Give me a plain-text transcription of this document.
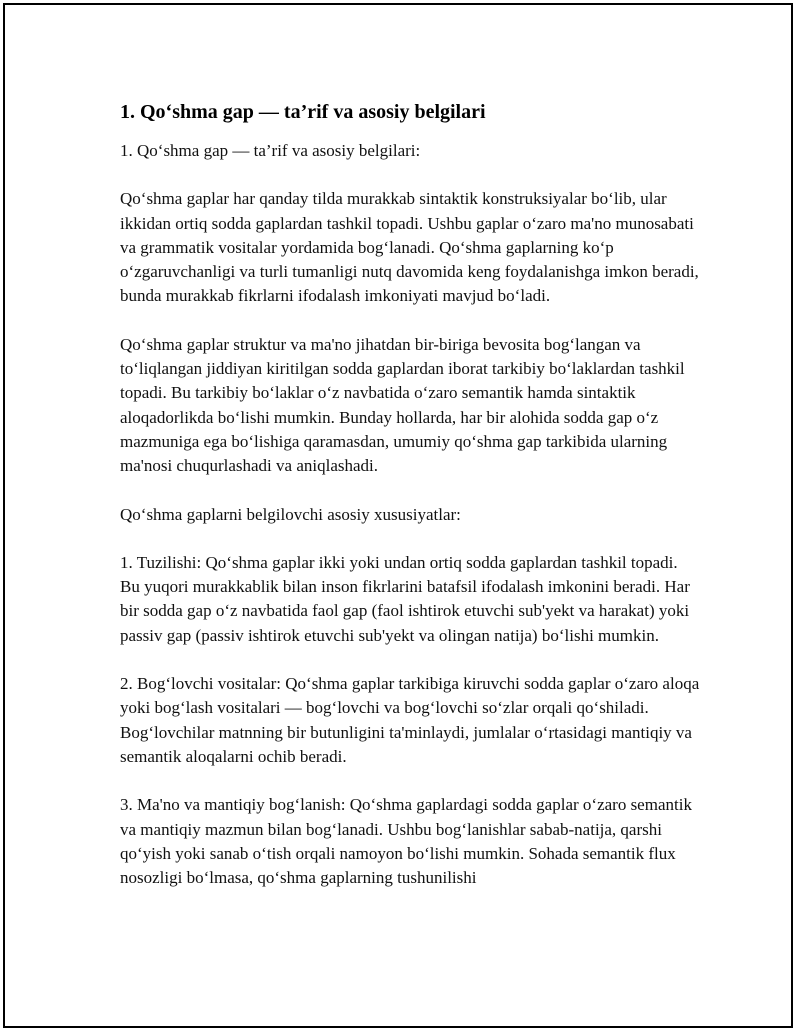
1. Qo‘shma gap — ta’rif va asosiy belgilari

1. Qo‘shma gap — ta’rif va asosiy belgilari:

Qo‘shma gaplar har qanday tilda murakkab sintaktik konstruksiyalar bo‘lib, ular ikkidan ortiq sodda gaplardan tashkil topadi. Ushbu gaplar o‘zaro ma'no munosabati va grammatik vositalar yordamida bog‘lanadi. Qo‘shma gaplarning ko‘p o‘zgaruvchanligi va turli tumanligi nutq davomida keng foydalanishga imkon beradi, bunda murakkab fikrlarni ifodalash imkoniyati mavjud bo‘ladi.

Qo‘shma gaplar struktur va ma'no jihatdan bir-biriga bevosita bog‘langan va to‘liqlangan jiddiyan kiritilgan sodda gaplardan iborat tarkibiy bo‘laklardan tashkil topadi. Bu tarkibiy bo‘laklar o‘z navbatida o‘zaro semantik hamda sintaktik aloqadorlikda bo‘lishi mumkin. Bunday hollarda, har bir alohida sodda gap o‘z mazmuniga ega bo‘lishiga qaramasdan, umumiy qo‘shma gap tarkibida ularning ma'nosi chuqurlashadi va aniqlashadi.

Qo‘shma gaplarni belgilovchi asosiy xususiyatlar:

1. Tuzilishi: Qo‘shma gaplar ikki yoki undan ortiq sodda gaplardan tashkil topadi. Bu yuqori murakkablik bilan inson fikrlarini batafsil ifodalash imkonini beradi. Har bir sodda gap o‘z navbatida faol gap (faol ishtirok etuvchi sub'yekt va harakat) yoki passiv gap (passiv ishtirok etuvchi sub'yekt va olingan natija) bo‘lishi mumkin.

2. Bog‘lovchi vositalar: Qo‘shma gaplar tarkibiga kiruvchi sodda gaplar o‘zaro aloqa yoki bog‘lash vositalari — bog‘lovchi va bog‘lovchi so‘zlar orqali qo‘shiladi. Bog‘lovchilar matnning bir butunligini ta'minlaydi, jumlalar o‘rtasidagi mantiqiy va semantik aloqalarni ochib beradi.

3. Ma'no va mantiqiy bog‘lanish: Qo‘shma gaplardagi sodda gaplar o‘zaro semantik va mantiqiy mazmun bilan bog‘lanadi. Ushbu bog‘lanishlar sabab-natija, qarshi qo‘yish yoki sanab o‘tish orqali namoyon bo‘lishi mumkin. Sohada semantik flux nosozligi bo‘lmasa, qo‘shma gaplarning tushunilishi
